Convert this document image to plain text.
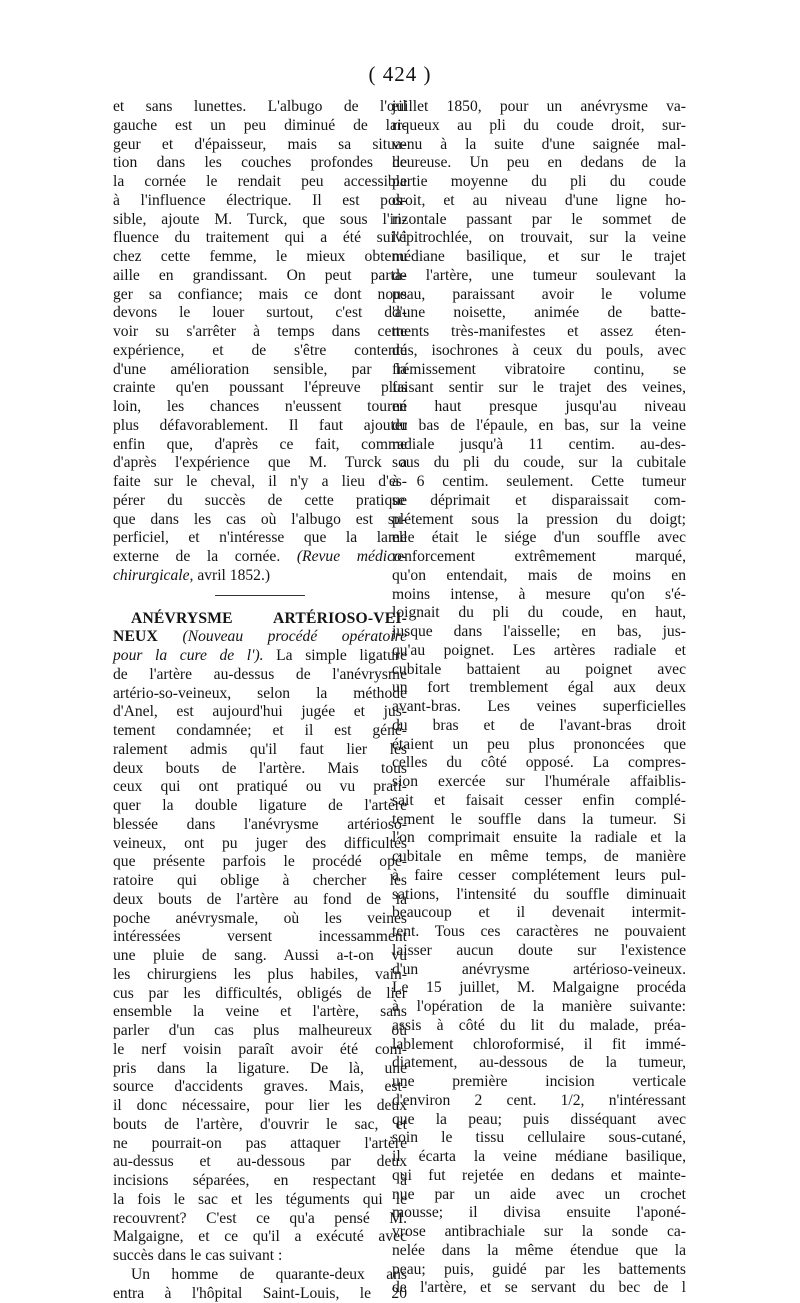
( 424 )
et sans lunettes. L'albugo de l'œil
gauche est un peu diminué de lar-
geur et d'épaisseur, mais sa situa-
tion dans les couches profondes de
la cornée le rendait peu accessible
à l'influence électrique. Il est pos-
sible, ajoute M. Turck, que sous l'in-
fluence du traitement qui a été suivi
chez cette femme, le mieux obtenu
aille en grandissant. On peut parta-
ger sa confiance; mais ce dont nous
devons le louer surtout, c'est d'a-
voir su s'arrêter à temps dans cette
expérience, et de s'être contenté
d'une amélioration sensible, par la
crainte qu'en poussant l'épreuve plus
loin, les chances n'eussent tourné
plus défavorablement. Il faut ajouter
enfin que, d'après ce fait, comme
d'après l'expérience que M. Turck a
faite sur le cheval, il n'y a lieu d'es-
pérer du succès de cette pratique
que dans les cas où l'albugo est su-
perficiel, et n'intéresse que la lame
externe de la cornée. (Revue médico-
chirurgicale, avril 1852.)
ANÉVRYSME ARTÉRIOSO-VEI-
NEUX (Nouveau procédé opératoire
pour la cure de l'). La simple ligature
de l'artère au-dessus de l'anévrysme
artério-so-veineux, selon la méthode
d'Anel, est aujourd'hui jugée et jus-
tement condamnée; et il est géné-
ralement admis qu'il faut lier les
deux bouts de l'artère. Mais tous
ceux qui ont pratiqué ou vu prati-
quer la double ligature de l'artère
blessée dans l'anévrysme artérioso-
veineux, ont pu juger des difficultés
que présente parfois le procédé opé-
ratoire qui oblige à chercher les
deux bouts de l'artère au fond de la
poche anévrysmale, où les veines
intéressées versent incessamment
une pluie de sang. Aussi a-t-on vu
les chirurgiens les plus habiles, vain-
cus par les difficultés, obligés de lier
ensemble la veine et l'artère, sans
parler d'un cas plus malheureux où
le nerf voisin paraît avoir été com-
pris dans la ligature. De là, une
source d'accidents graves. Mais, est-
il donc nécessaire, pour lier les deux
bouts de l'artère, d'ouvrir le sac, et
ne pourrait-on pas attaquer l'artère
au-dessus et au-dessous par deux
incisions séparées, en respectant à
la fois le sac et les téguments qui le
recouvrent? C'est ce qu'a pensé M.
Malgaigne, et ce qu'il a exécuté avec
succès dans le cas suivant :
Un homme de quarante-deux ans
entra à l'hôpital Saint-Louis, le 20
juillet 1850, pour un anévrysme va-
riqueux au pli du coude droit, sur-
venu à la suite d'une saignée mal-
heureuse. Un peu en dedans de la
partie moyenne du pli du coude
droit, et au niveau d'une ligne ho-
rizontale passant par le sommet de
l'épitrochlée, on trouvait, sur la veine
médiane basilique, et sur le trajet
de l'artère, une tumeur soulevant la
peau, paraissant avoir le volume
d'une noisette, animée de batte-
ments très-manifestes et assez éten-
dus, isochrones à ceux du pouls, avec
frémissement vibratoire continu, se
faisant sentir sur le trajet des veines,
en haut presque jusqu'au niveau
du bas de l'épaule, en bas, sur la veine
radiale jusqu'à 11 centim. au-des-
sous du pli du coude, sur la cubitale
à 6 centim. seulement. Cette tumeur
se déprimait et disparaissait com-
plétement sous la pression du doigt;
elle était le siége d'un souffle avec
renforcement extrêmement marqué,
qu'on entendait, mais de moins en
moins intense, à mesure qu'on s'é-
loignait du pli du coude, en haut,
jusque dans l'aisselle; en bas, jus-
qu'au poignet. Les artères radiale et
cubitale battaient au poignet avec
un fort tremblement égal aux deux
avant-bras. Les veines superficielles
du bras et de l'avant-bras droit
étaient un peu plus prononcées que
celles du côté opposé. La compres-
sion exercée sur l'humérale affaiblis-
sait et faisait cesser enfin complé-
tement le souffle dans la tumeur. Si
l'on comprimait ensuite la radiale et la
cubitale en même temps, de manière
à faire cesser complétement leurs pul-
sations, l'intensité du souffle diminuait
beaucoup et il devenait intermit-
tent. Tous ces caractères ne pouvaient
laisser aucun doute sur l'existence
d'un anévrysme artérioso-veineux.
Le 15 juillet, M. Malgaigne procéda
à l'opération de la manière suivante:
assis à côté du lit du malade, préa-
lablement chloroformisé, il fit immé-
diatement, au-dessous de la tumeur,
une première incision verticale
d'environ 2 cent. 1/2, n'intéressant
que la peau; puis disséquant avec
soin le tissu cellulaire sous-cutané,
il écarta la veine médiane basilique,
qui fut rejetée en dedans et mainte-
nue par un aide avec un crochet
mousse; il divisa ensuite l'aponé-
vrose antibrachiale sur la sonde ca-
nelée dans la même étendue que la
peau; puis, guidé par les battements
de l'artère, et se servant du bec de l
